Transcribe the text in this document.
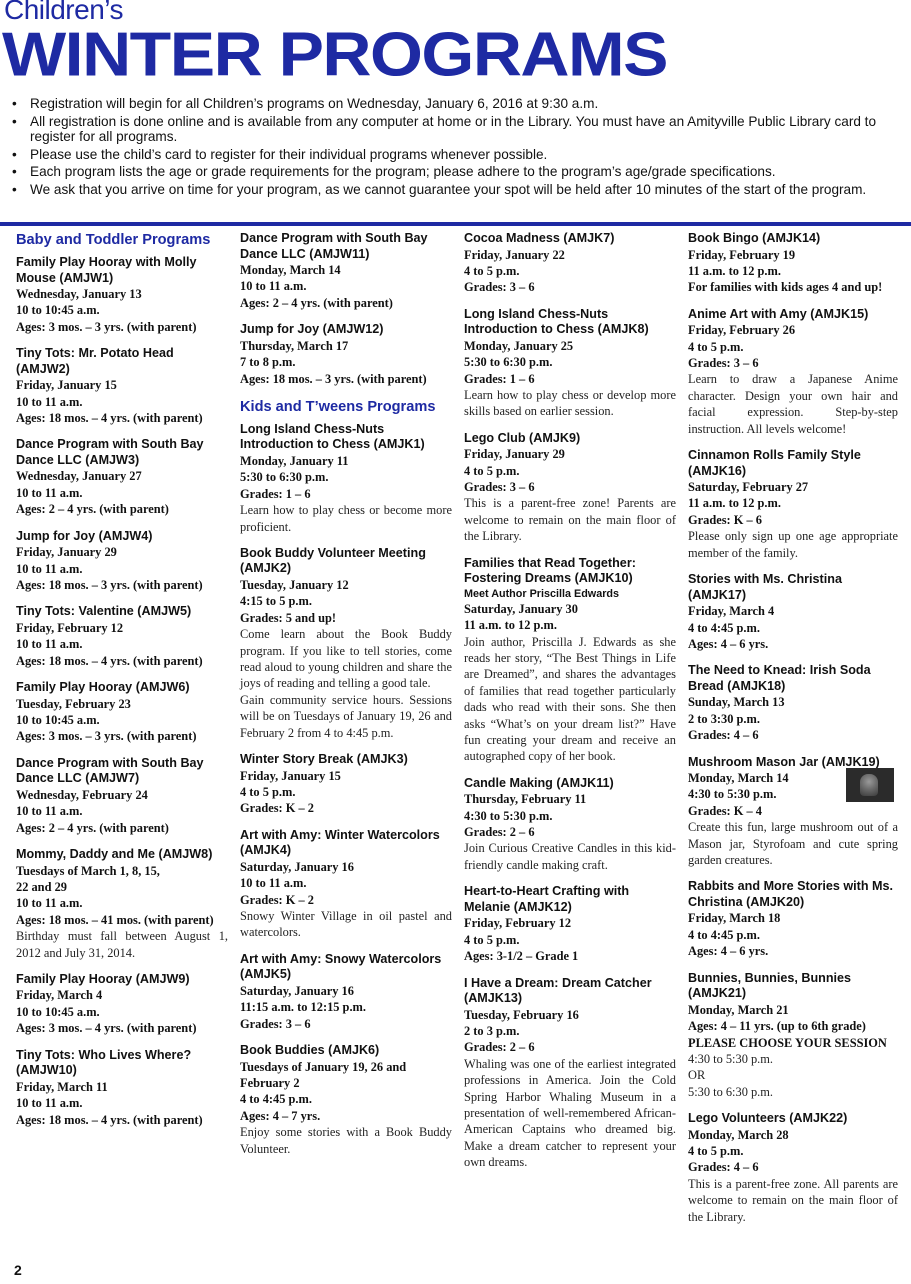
Children’s
WINTER PROGRAMS
• Registration will begin for all Children’s programs on Wednesday, January 6, 2016 at 9:30 a.m.
• All registration is done online and is available from any computer at home or in the Library. You must have an Amityville Public Library card to register for all programs.
• Please use the child’s card to register for their individual programs whenever possible.
• Each program lists the age or grade requirements for the program; please adhere to the program’s age/grade specifications.
• We ask that you arrive on time for your program, as we cannot guarantee your spot will be held after 10 minutes of the start of the program.
Baby and Toddler Programs
Family Play Hooray with Molly Mouse (AMJW1)
Wednesday, January 13
10 to 10:45 a.m.
Ages: 3 mos. – 3 yrs. (with parent)
Tiny Tots: Mr. Potato Head (AMJW2)
Friday, January 15
10 to 11 a.m.
Ages: 18 mos. – 4 yrs. (with parent)
Dance Program with South Bay Dance LLC (AMJW3)
Wednesday, January 27
10 to 11 a.m.
Ages: 2 – 4 yrs. (with parent)
Jump for Joy (AMJW4)
Friday, January 29
10 to 11 a.m.
Ages: 18 mos. – 3 yrs. (with parent)
Tiny Tots: Valentine (AMJW5)
Friday, February 12
10 to 11 a.m.
Ages: 18 mos. – 4 yrs. (with parent)
Family Play Hooray (AMJW6)
Tuesday, February 23
10 to 10:45 a.m.
Ages: 3 mos. – 3 yrs. (with parent)
Dance Program with South Bay Dance LLC (AMJW7)
Wednesday, February 24
10 to 11 a.m.
Ages: 2 – 4 yrs. (with parent)
Mommy, Daddy and Me (AMJW8)
Tuesdays of March 1, 8, 15,
22 and 29
10 to 11 a.m.
Ages: 18 mos. – 41 mos. (with parent)
Birthday must fall between August 1, 2012 and July 31, 2014.
Family Play Hooray (AMJW9)
Friday, March 4
10 to 10:45 a.m.
Ages: 3 mos. – 4 yrs. (with parent)
Tiny Tots: Who Lives Where? (AMJW10)
Friday, March 11
10 to 11 a.m.
Ages: 18 mos. – 4 yrs. (with parent)
Dance Program with South Bay Dance LLC (AMJW11)
Monday, March 14
10 to 11 a.m.
Ages: 2 – 4 yrs. (with parent)
Jump for Joy (AMJW12)
Thursday, March 17
7 to 8 p.m.
Ages: 18 mos. – 3 yrs. (with parent)
Kids and T’weens Programs
Long Island Chess-Nuts Introduction to Chess (AMJK1)
Monday, January 11
5:30 to 6:30 p.m.
Grades: 1 – 6
Learn how to play chess or become more proficient.
Book Buddy Volunteer Meeting (AMJK2)
Tuesday, January 12
4:15 to 5 p.m.
Grades: 5 and up!
Come learn about the Book Buddy program. If you like to tell stories, come read aloud to young children and share the joys of reading and telling a good tale.
Gain community service hours. Sessions will be on Tuesdays of January 19, 26 and February 2 from 4 to 4:45 p.m.
Winter Story Break (AMJK3)
Friday, January 15
4 to 5 p.m.
Grades: K – 2
Art with Amy: Winter Watercolors (AMJK4)
Saturday, January 16
10 to 11 a.m.
Grades: K – 2
Snowy Winter Village in oil pastel and watercolors.
Art with Amy: Snowy Watercolors (AMJK5)
Saturday, January 16
11:15 a.m. to 12:15 p.m.
Grades: 3 – 6
Book Buddies (AMJK6)
Tuesdays of January 19, 26 and February 2
4 to 4:45 p.m.
Ages: 4 – 7 yrs.
Enjoy some stories with a Book Buddy Volunteer.
Cocoa Madness (AMJK7)
Friday, January 22
4 to 5 p.m.
Grades: 3 – 6
Long Island Chess-Nuts Introduction to Chess (AMJK8)
Monday, January 25
5:30 to 6:30 p.m.
Grades: 1 – 6
Learn how to play chess or develop more skills based on earlier session.
Lego Club (AMJK9)
Friday, January 29
4 to 5 p.m.
Grades: 3 – 6
This is a parent-free zone! Parents are welcome to remain on the main floor of the Library.
Families that Read Together: Fostering Dreams (AMJK10)
Meet Author Priscilla Edwards
Saturday, January 30
11 a.m. to 12 p.m.
Join author, Priscilla J. Edwards as she reads her story, “The Best Things in Life are Dreamed”, and shares the advantages of families that read together particularly dads who read with their sons. She then asks “What’s on your dream list?” Have fun creating your dream and receive an autographed copy of her book.
Candle Making (AMJK11)
Thursday, February 11
4:30 to 5:30 p.m.
Grades: 2 – 6
Join Curious Creative Candles in this kid-friendly candle making craft.
Heart-to-Heart Crafting with Melanie (AMJK12)
Friday, February 12
4 to 5 p.m.
Ages: 3-1/2 – Grade 1
I Have a Dream: Dream Catcher (AMJK13)
Tuesday, February 16
2 to 3 p.m.
Grades: 2 – 6
Whaling was one of the earliest integrated professions in America. Join the Cold Spring Harbor Whaling Museum in a presentation of well-remembered African-American Captains who dreamed big. Make a dream catcher to represent your own dreams.
Book Bingo (AMJK14)
Friday, February 19
11 a.m. to 12 p.m.
For families with kids ages 4 and up!
Anime Art with Amy (AMJK15)
Friday, February 26
4 to 5 p.m.
Grades: 3 – 6
Learn to draw a Japanese Anime character. Design your own hair and facial expression. Step-by-step instruction. All levels welcome!
Cinnamon Rolls Family Style (AMJK16)
Saturday, February 27
11 a.m. to 12 p.m.
Grades: K – 6
Please only sign up one age appropriate member of the family.
Stories with Ms. Christina (AMJK17)
Friday, March 4
4 to 4:45 p.m.
Ages: 4 – 6 yrs.
The Need to Knead: Irish Soda Bread (AMJK18)
Sunday, March 13
2 to 3:30 p.m.
Grades: 4 – 6
Mushroom Mason Jar (AMJK19)
Monday, March 14
4:30 to 5:30 p.m.
Grades: K – 4
Create this fun, large mushroom out of a Mason jar, Styrofoam and cute spring garden creatures.
Rabbits and More Stories with Ms. Christina (AMJK20)
Friday, March 18
4 to 4:45 p.m.
Ages: 4 – 6 yrs.
Bunnies, Bunnies, Bunnies (AMJK21)
Monday, March 21
Ages: 4 – 11 yrs. (up to 6th grade)
PLEASE CHOOSE YOUR SESSION
4:30 to 5:30 p.m.
OR
5:30 to 6:30 p.m.
Lego Volunteers (AMJK22)
Monday, March 28
4 to 5 p.m.
Grades: 4 – 6
This is a parent-free zone. All parents are welcome to remain on the main floor of the Library.
2
